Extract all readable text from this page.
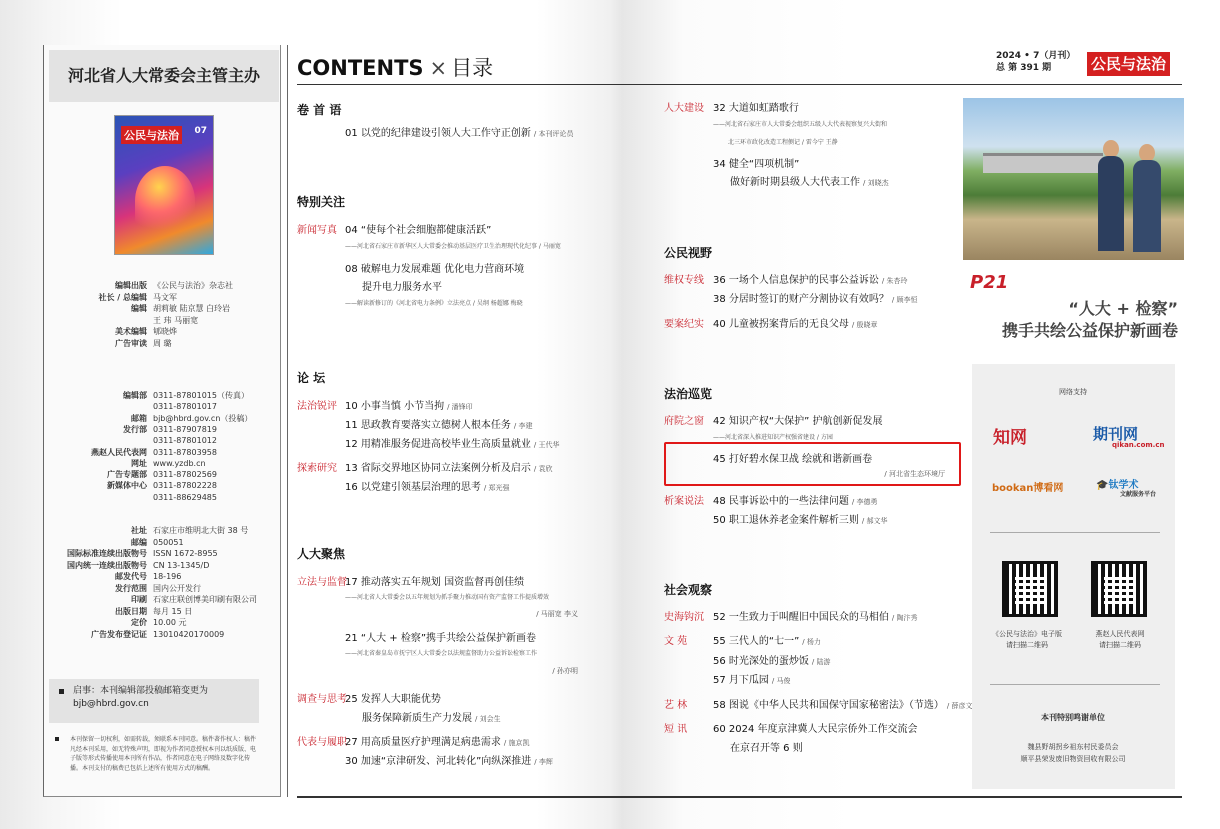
河北省人大常委会主管主办
公民与法治	07
编辑出版 《公民与法治》杂志社
社长 / 总编辑 马文军
编辑 胡莉敏 陆京慧 白玲岩
王 玮 马丽宽
美术编辑 郇晓烨
广告审读 周 璐
编辑部 0311-87801015（传真）
0311-87801017
邮箱 bjb@hbrd.gov.cn（投稿）
发行部 0311-87907819
0311-87801012
燕赵人民代表网 0311-87803958
网址 www.yzdb.cn
广告专题部 0311-87802569
新媒体中心 0311-87802228
0311-88629485
社址 石家庄市维明北大街 38 号
邮编 050051
国际标准连续出版物号 ISSN 1672-8955
国内统一连续出版物号 CN 13-1345/D
邮发代号 18-196
发行范围 国内公开发行
印刷 石家庄联创博美印刷有限公司
出版日期 每月 15 日
定价 10.00 元
广告发布登记证 13010420170009
启事：本刊编辑部投稿邮箱变更为bjb@hbrd.gov.cn
本刊保留一切权利，如需转载，须联系本刊同意。稿件著作权人：稿件凡经本刊采用，如无特殊声明，即视为作者同意授权本刊以纸质版、电子版等形式传播使用本刊所有作品，作者同意在电子网络及数字化传播。本刊支付的稿费已包括上述所有使用方式的稿酬。
CONTENTS × 目录	2024 • 7（月刊）
总 第 391 期	公民与法治
卷 首 语
01 以党的纪律建设引领人大工作守正创新 / 本刊评论员
特别关注
新闻写真 04 “使每个社会细胞都健康活跃”
——河北省石家庄市新华区人大常委会推动基层医疗卫生治理现代化纪事 / 马丽宽
08 破解电力发展难题 优化电力营商环境
提升电力服务水平
——解读新修订的《河北省电力条例》立法亮点 / 吴纲 杨超娜 梅晓
论 坛
法治锐评 10 小事当慎 小节当拘 / 潘锋印
11 思政教育要落实立德树人根本任务 / 李建
12 用精准服务促进高校毕业生高质量就业 / 王代华
探索研究 13 省际交界地区协同立法案例分析及启示 / 袁欣
16 以党建引领基层治理的思考 / 郑光强
人大聚焦
立法与监督
17 推动落实五年规划 国资监督再创佳绩
——河北省人大常委会以五年规划为抓手聚力推动国有资产监督工作提质增效
/ 马丽宽 李义
21 “人大 + 检察”携手共绘公益保护新画卷
——河北省秦皇岛市抚宁区人大常委会以法规监督助力公益诉讼检察工作
/ 孙亦明
调查与思考
25 发挥人大职能优势
服务保障新质生产力发展 / 刘会生
代表与履职
27 用高质量医疗护理满足病患需求 / 施京凯
30 加速“京津研发、河北转化”向纵深推进 / 李辉
人大建设 32 大道如虹踏歌行
——河北省石家庄市人大常委会组织五级人大代表视察复兴大街和
北三环市政化改造工程侧记 / 雷今宁 王静
34 健全“四项机制”
做好新时期县级人大代表工作 / 刘晓杰
公民视野
维权专线 36 一场个人信息保护的民事公益诉讼 / 朱杏玲
38 分居时签订的财产分割协议有效吗？ / 顾李恒
要案纪实 40 儿童被拐案背后的无良父母 / 殷晓章
法治巡览
府院之窗 42 知识产权“大保护” 护航创新促发展
——河北省深入推进知识产权强省建设 / 方园
45 打好碧水保卫战 绘就和谐新画卷
/ 河北省生态环境厅
析案说法 48 民事诉讼中的一些法律问题 / 李德勇
50 职工退休养老金案件解析三则 / 郝文华
社会观察
史海钩沉 52 一生致力于叫醒旧中国民众的马相伯 / 陶汴秀
文 苑	55 三代人的“七一” / 杨力
56 时光深处的蛋炒饭 / 陆游
57 月下瓜园 / 马俊
艺 林	58 图说《中华人民共和国保守国家秘密法》（节选） / 薛彦文
短 讯	60 2024 年度京津冀人大民宗侨外工作交流会
在京召开等 6 则
P21
“人大 + 检察”
携手共绘公益保护新画卷
网络支持
知网	期刊网
qikan.com.cn
bookan博看网	🎓钛学术
文献服务平台
《公民与法治》电子版
请扫描二维码
燕赵人民代表网
请扫描二维码
本刊特别鸣谢单位
魏县野胡拐乡祖东村民委员会
顺平县荣发废旧物资回收有限公司
